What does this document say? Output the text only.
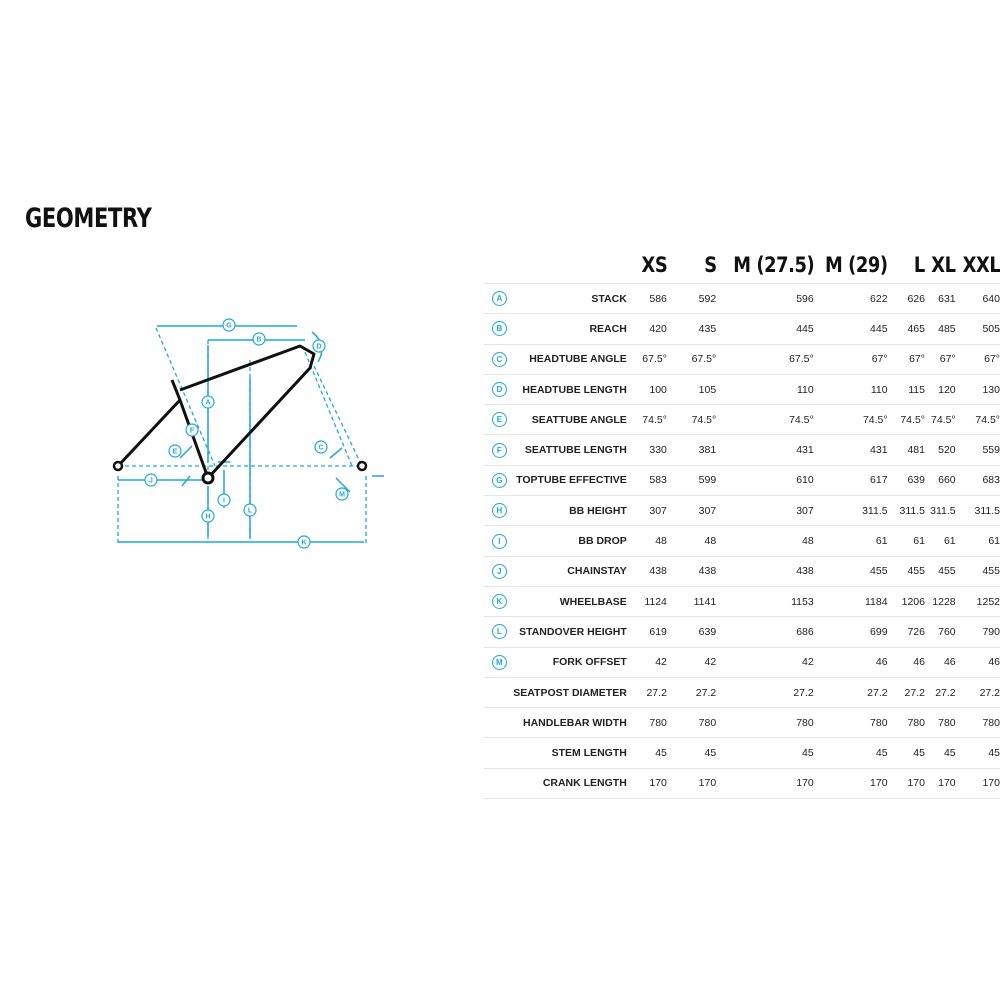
GEOMETRY
A
B
C
D
E
F
G
H
I
J
K
L
M
			XS	S	M (27.5)	M (29)	L	XL	XXL
A	STACK		586	592	596	622	626	631	640
B	REACH		420	435	445	445	465	485	505
C	HEADTUBE ANGLE		67.5°	67.5°	67.5°	67°	67°	67°	67°
D	HEADTUBE LENGTH		100	105	110	110	115	120	130
E	SEATTUBE ANGLE		74.5°	74.5°	74.5°	74.5°	74.5°	74.5°	74.5°
F	SEATTUBE LENGTH		330	381	431	431	481	520	559
G	TOPTUBE EFFECTIVE		583	599	610	617	639	660	683
H	BB HEIGHT		307	307	307	311.5	311.5	311.5	311.5
I	BB DROP		48	48	48	61	61	61	61
J	CHAINSTAY		438	438	438	455	455	455	455
K	WHEELBASE		1124	1141	1153	1184	1206	1228	1252
L	STANDOVER HEIGHT		619	639	686	699	726	760	790
M	FORK OFFSET		42	42	42	46	46	46	46
	SEATPOST DIAMETER		27.2	27.2	27.2	27.2	27.2	27.2	27.2
	HANDLEBAR WIDTH		780	780	780	780	780	780	780
	STEM LENGTH		45	45	45	45	45	45	45
	CRANK LENGTH		170	170	170	170	170	170	170
